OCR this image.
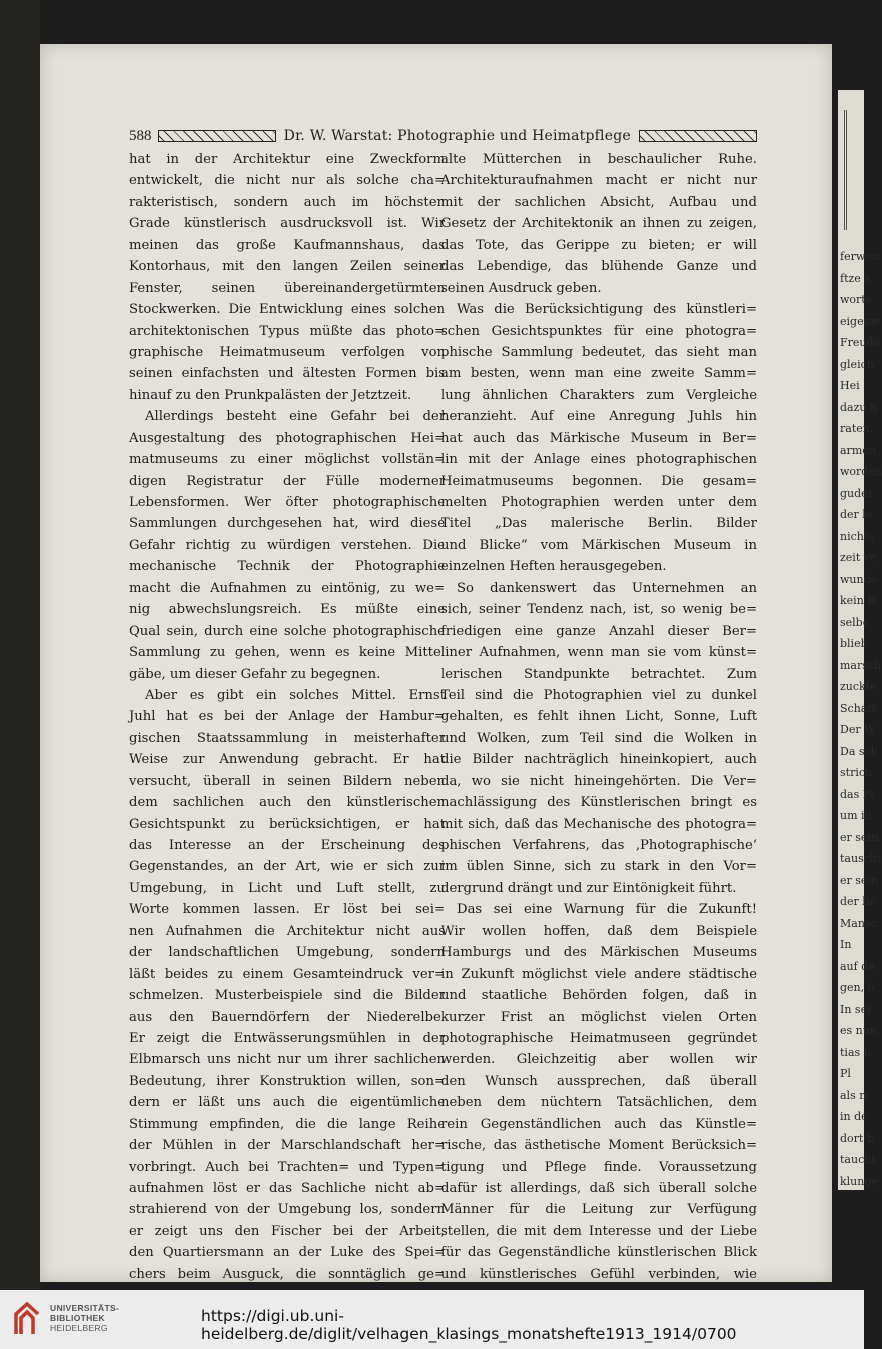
ferwon
ftze s
worte
eigenw
Freude
gleich
Hei
dazu h
raten.
armen
worden
guder
der le
nichts
zeit ve
wunde
kein D
selbe
blieb
marsch
zuckte
Schatt
Der W
Da sch
strich
das Pl
um ih
er sein
tauscht
er sein
der lie
Mansc
In
auf de
gen, b
In sei
es nun
tias b
Pl
als m
in de
dort b
taucht
klunge
588	Dr. W. Warstat: Photographie und Heimatpflege
hat in der Architektur eine Zweckform
entwickelt, die nicht nur als solche cha=
rakteristisch, sondern auch im höchsten
Grade künstlerisch ausdrucksvoll ist. Wir
meinen das große Kaufmannshaus, das
Kontorhaus, mit den langen Zeilen seiner
Fenster, seinen übereinandergetürmten
Stockwerken. Die Entwicklung eines solchen
architektonischen Typus müßte das photo=
graphische Heimatmuseum verfolgen von
seinen einfachsten und ältesten Formen bis
hinauf zu den Prunkpalästen der Jetztzeit.
Allerdings besteht eine Gefahr bei der
Ausgestaltung des photographischen Hei=
matmuseums zu einer möglichst vollstän=
digen Registratur der Fülle moderner
Lebensformen. Wer öfter photographische
Sammlungen durchgesehen hat, wird diese
Gefahr richtig zu würdigen verstehen. Die
mechanische Technik der Photographie
macht die Aufnahmen zu eintönig, zu we=
nig abwechslungsreich. Es müßte eine
Qual sein, durch eine solche photographische
Sammlung zu gehen, wenn es keine Mittel
gäbe, um dieser Gefahr zu begegnen.
Aber es gibt ein solches Mittel. Ernst
Juhl hat es bei der Anlage der Hambur=
gischen Staatssammlung in meisterhafter
Weise zur Anwendung gebracht. Er hat
versucht, überall in seinen Bildern neben
dem sachlichen auch den künstlerischen
Gesichtspunkt zu berücksichtigen, er hat
das Interesse an der Erscheinung des
Gegenstandes, an der Art, wie er sich zur
Umgebung, in Licht und Luft stellt, zu
Worte kommen lassen. Er löst bei sei=
nen Aufnahmen die Architektur nicht aus
der landschaftlichen Umgebung, sondern
läßt beides zu einem Gesamteindruck ver=
schmelzen. Musterbeispiele sind die Bilder
aus den Bauerndörfern der Niederelbe.
Er zeigt die Entwässerungsmühlen in der
Elbmarsch uns nicht nur um ihrer sachlichen
Bedeutung, ihrer Konstruktion willen, son=
dern er läßt uns auch die eigentümliche
Stimmung empfinden, die die lange Reihe
der Mühlen in der Marschlandschaft her=
vorbringt. Auch bei Trachten= und Typen=
aufnahmen löst er das Sachliche nicht ab=
strahierend von der Umgebung los, sondern
er zeigt uns den Fischer bei der Arbeit,
den Quartiersmann an der Luke des Spei=
chers beim Ausguck, die sonntäglich ge=
alte Mütterchen in beschaulicher Ruhe.
Architekturaufnahmen macht er nicht nur
mit der sachlichen Absicht, Aufbau und
Gesetz der Architektonik an ihnen zu zeigen,
das Tote, das Gerippe zu bieten; er will
das Lebendige, das blühende Ganze und
seinen Ausdruck geben.
Was die Berücksichtigung des künstleri=
schen Gesichtspunktes für eine photogra=
phische Sammlung bedeutet, das sieht man
am besten, wenn man eine zweite Samm=
lung ähnlichen Charakters zum Vergleiche
heranzieht. Auf eine Anregung Juhls hin
hat auch das Märkische Museum in Ber=
lin mit der Anlage eines photographischen
Heimatmuseums begonnen. Die gesam=
melten Photographien werden unter dem
Titel „Das malerische Berlin. Bilder
und Blicke“ vom Märkischen Museum in
einzelnen Heften herausgegeben.
So dankenswert das Unternehmen an
sich, seiner Tendenz nach, ist, so wenig be=
friedigen eine ganze Anzahl dieser Ber=
liner Aufnahmen, wenn man sie vom künst=
lerischen Standpunkte betrachtet. Zum
Teil sind die Photographien viel zu dunkel
gehalten, es fehlt ihnen Licht, Sonne, Luft
und Wolken, zum Teil sind die Wolken in
die Bilder nachträglich hineinkopiert, auch
da, wo sie nicht hineingehörten. Die Ver=
nachlässigung des Künstlerischen bringt es
mit sich, daß das Mechanische des photogra=
phischen Verfahrens, das ‚Photographische‘
im üblen Sinne, sich zu stark in den Vor=
dergrund drängt und zur Eintönigkeit führt.
Das sei eine Warnung für die Zukunft!
Wir wollen hoffen, daß dem Beispiele
Hamburgs und des Märkischen Museums
in Zukunft möglichst viele andere städtische
und staatliche Behörden folgen, daß in
kurzer Frist an möglichst vielen Orten
photographische Heimatmuseen gegründet
werden. Gleichzeitig aber wollen wir
den Wunsch aussprechen, daß überall
neben dem nüchtern Tatsächlichen, dem
rein Gegenständlichen auch das Künstle=
rische, das ästhetische Moment Berücksich=
tigung und Pflege finde. Voraussetzung
dafür ist allerdings, daß sich überall solche
Männer für die Leitung zur Verfügung
stellen, die mit dem Interesse und der Liebe
für das Gegenständliche künstlerischen Blick
und künstlerisches Gefühl verbinden, wie
UNIVERSITÄTS-
BIBLIOTHEK
HEIDELBERG
https://digi.ub.uni-heidelberg.de/diglit/velhagen_klasings_monatshefte1913_1914/0700
